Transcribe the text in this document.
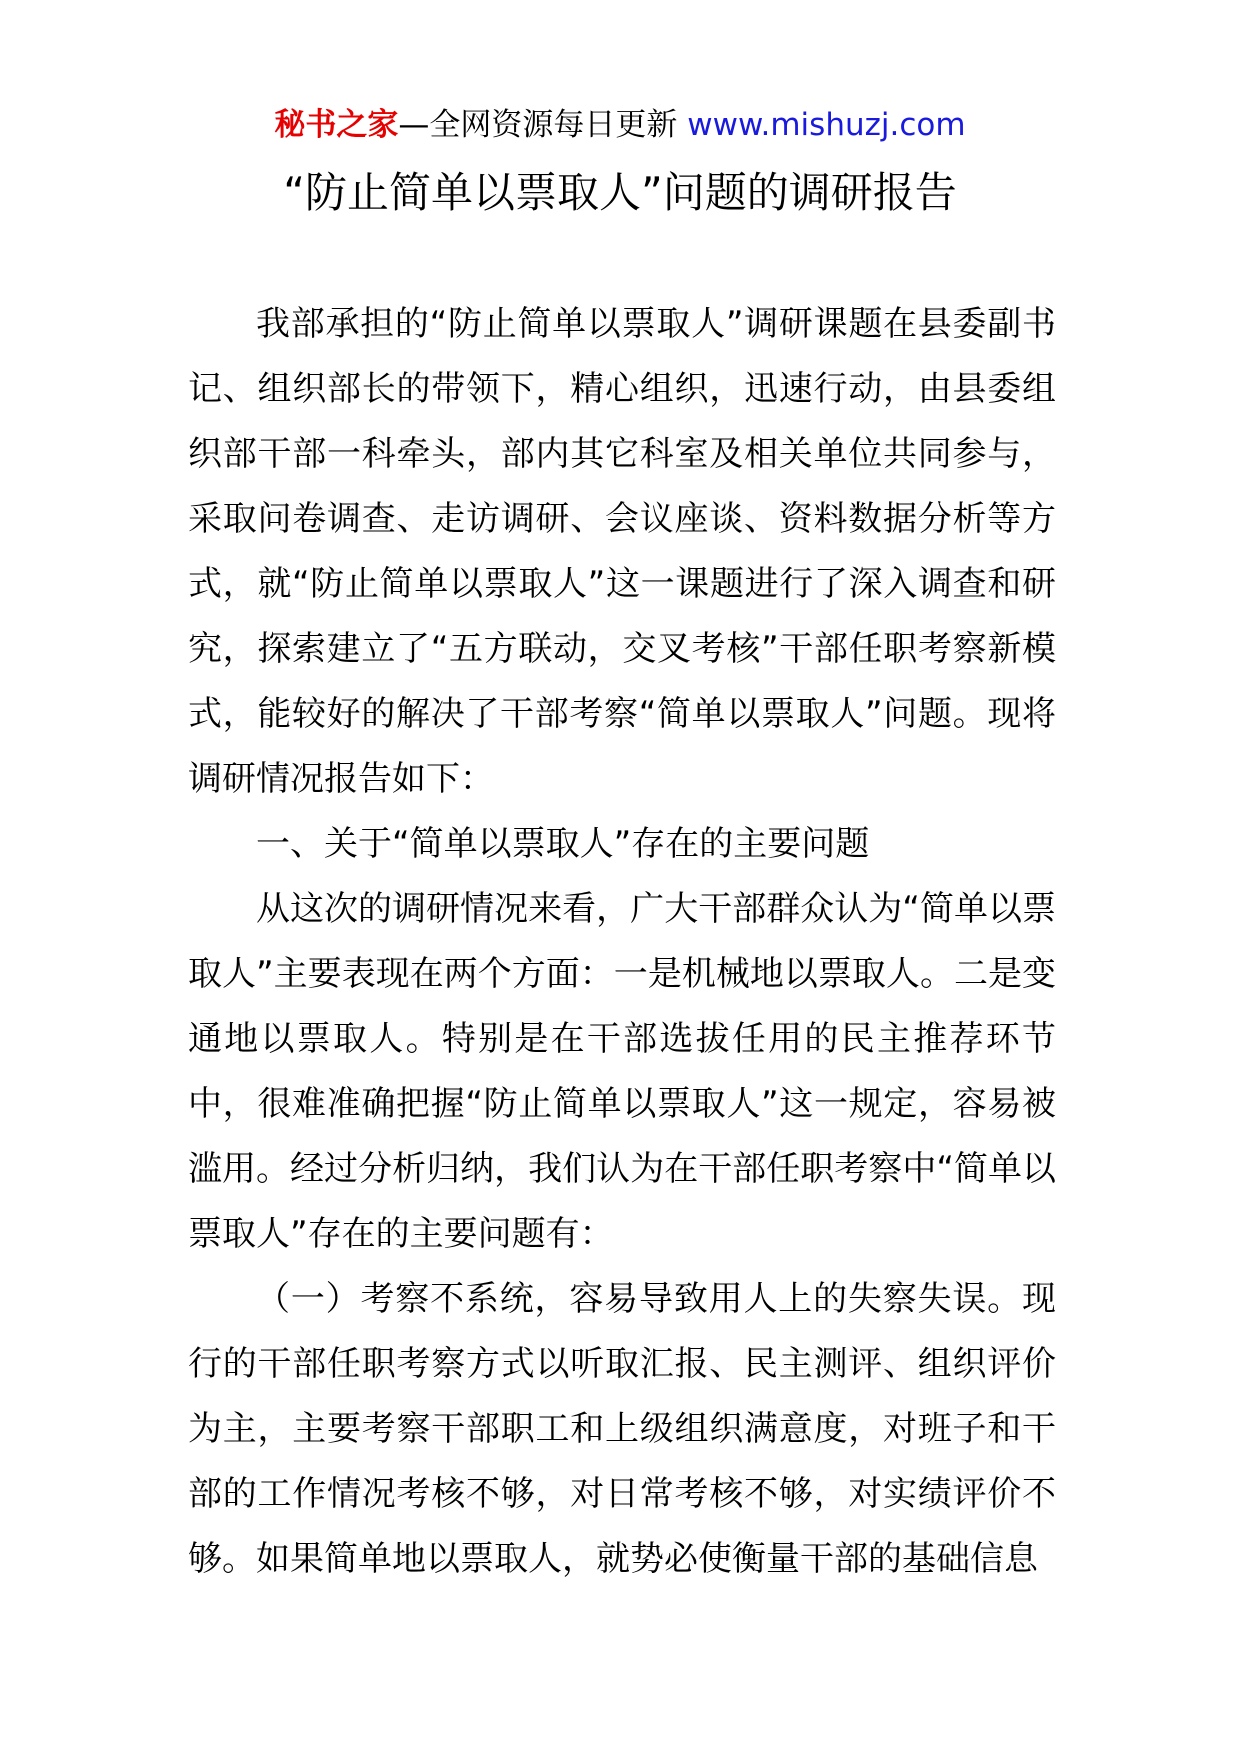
秘书之家—全网资源每日更新 www.mishuzj.com
“防止简单以票取人”问题的调研报告

我部承担的“防止简单以票取人”调研课题在县委副书记、组织部长的带领下，精心组织，迅速行动，由县委组织部干部一科牵头，部内其它科室及相关单位共同参与，采取问卷调查、走访调研、会议座谈、资料数据分析等方式，就“防止简单以票取人”这一课题进行了深入调查和研究，探索建立了“五方联动，交叉考核”干部任职考察新模式，能较好的解决了干部考察“简单以票取人”问题。现将调研情况报告如下：

一、关于“简单以票取人”存在的主要问题

从这次的调研情况来看，广大干部群众认为“简单以票取人”主要表现在两个方面：一是机械地以票取人。二是变通地以票取人。特别是在干部选拔任用的民主推荐环节中，很难准确把握“防止简单以票取人”这一规定，容易被滥用。经过分析归纳，我们认为在干部任职考察中“简单以票取人”存在的主要问题有：

（一）考察不系统，容易导致用人上的失察失误。现行的干部任职考察方式以听取汇报、民主测评、组织评价为主，主要考察干部职工和上级组织满意度，对班子和干部的工作情况考核不够，对日常考核不够，对实绩评价不够。如果简单地以票取人，就势必使衡量干部的基础信息
